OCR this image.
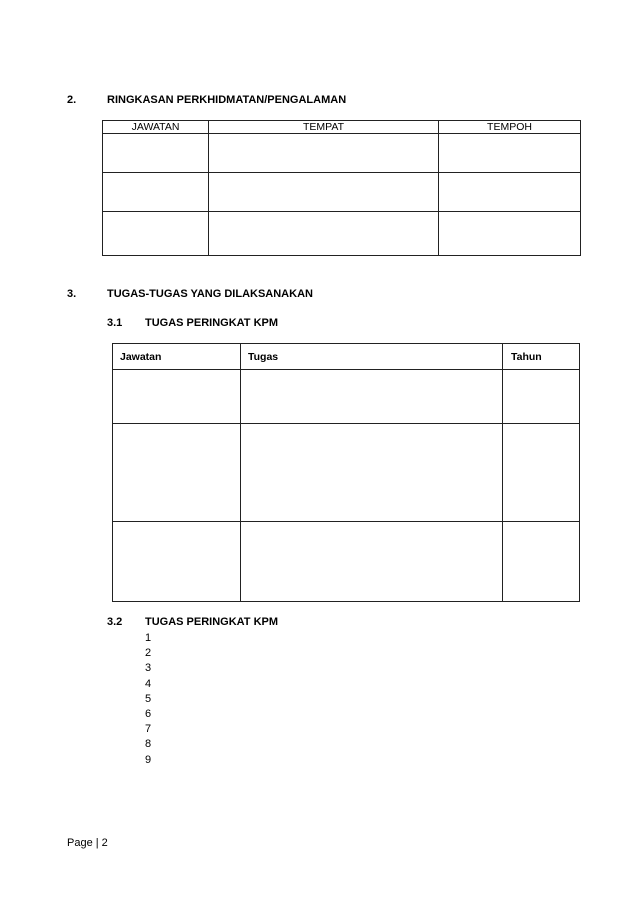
2.	RINGKASAN PERKHIDMATAN/PENGALAMAN
JAWATAN	TEMPAT	TEMPOH

3.	TUGAS-TUGAS YANG DILAKSANAKAN
3.1 TUGAS PERINGKAT KPM
Jawatan	Tugas	Tahun

3.2 TUGAS PERINGKAT KPM
1
2
3
4
5
6
7
8
9
Page | 2
